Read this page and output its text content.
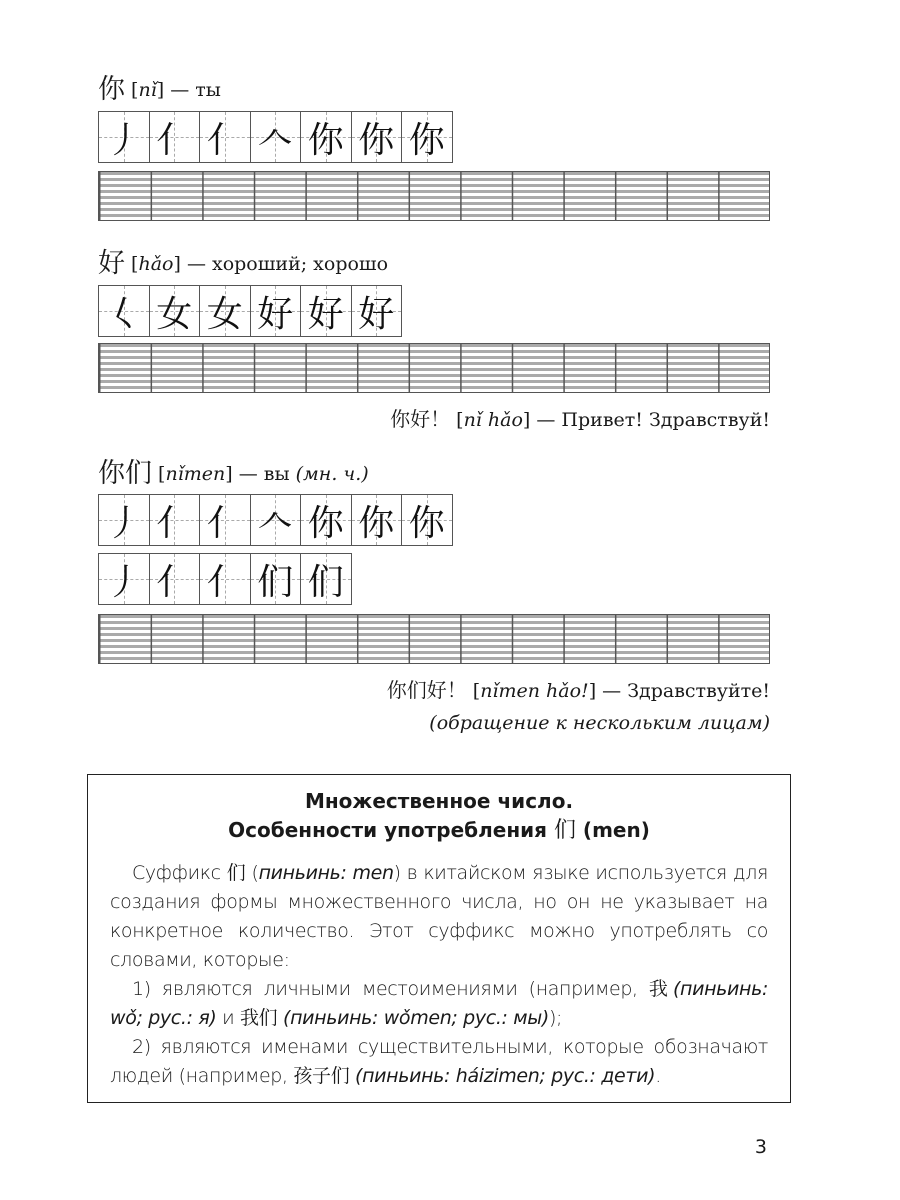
你 [nǐ] — ты
丿 亻 亻 𠆢 你 你 你
好 [hǎo] — хороший; хорошо
𡿨 女 女 好 好 好
你好！ [nǐ hǎo] — Привет! Здравствуй!
你们 [nǐmen] — вы (мн. ч.)
丿 亻 亻 𠆢 你 你 你
丿 亻 亻 们 们
你们好！ [nǐmen hǎo!] — Здравствуйте!
(обращение к нескольким лицам)
Множественное число.
Особенности употребления 们 (men)

Суффикс 们 (пиньинь: men) в китайском языке используется для создания формы множественного числа, но он не указывает на конкретное количество. Этот суффикс можно употреблять со словами, которые:

1) являются личными местоимениями (например, 我(пиньинь: wǒ; рус.: я) и 我们 (пиньинь: wǒmen; рус.: мы));

2) являются именами существительными, которые обозначают людей (например, 孩子们 (пиньинь: háizimen; рус.: дети).

3
